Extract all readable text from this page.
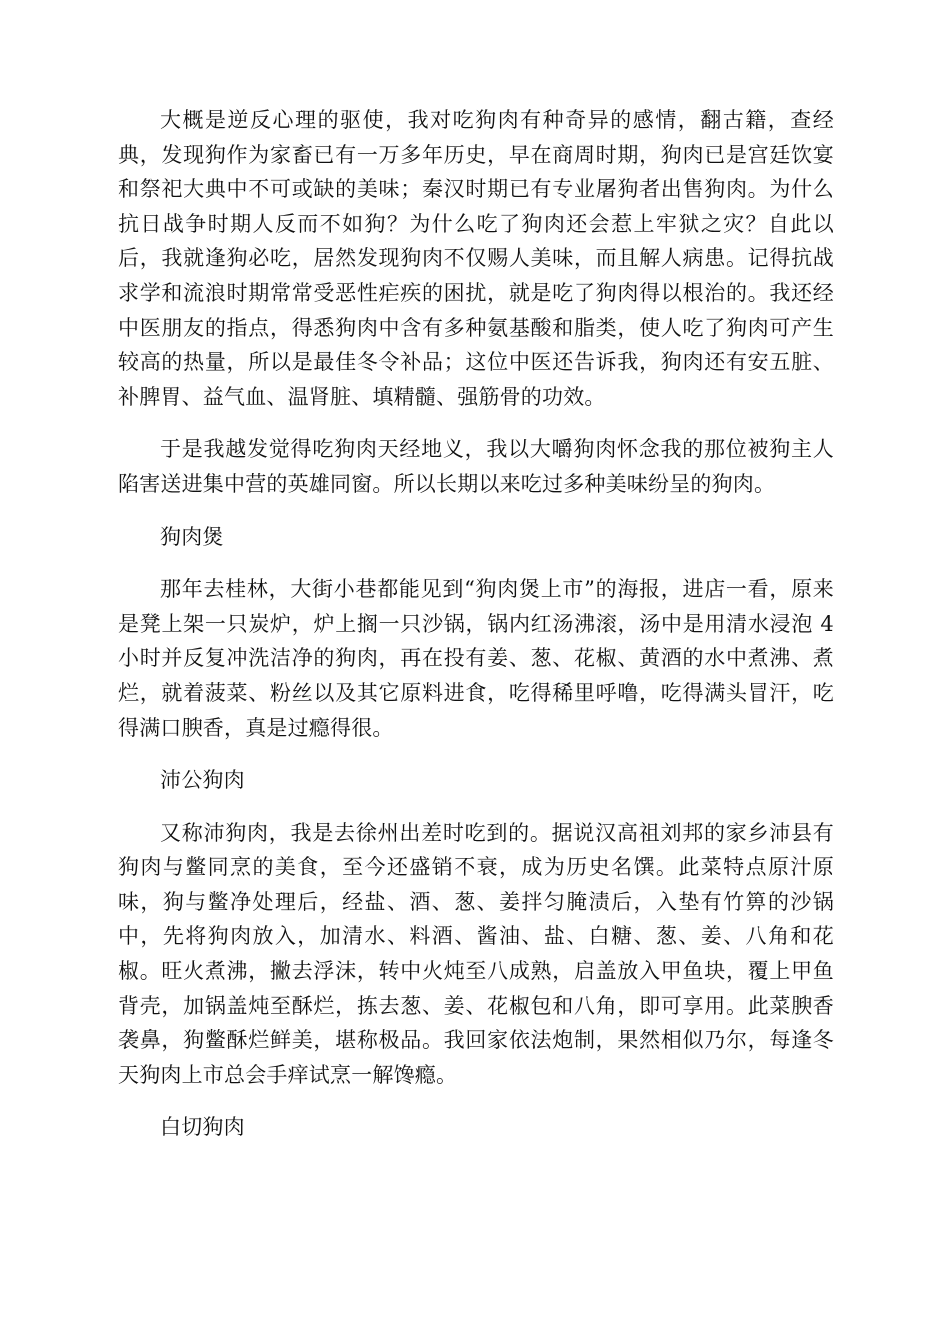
大概是逆反心理的驱使，我对吃狗肉有种奇异的感情，翻古籍，查经典，发现狗作为家畜已有一万多年历史，早在商周时期，狗肉已是宫廷饮宴和祭祀大典中不可或缺的美味；秦汉时期已有专业屠狗者出售狗肉。为什么抗日战争时期人反而不如狗？为什么吃了狗肉还会惹上牢狱之灾？自此以后，我就逢狗必吃，居然发现狗肉不仅赐人美味，而且解人病患。记得抗战求学和流浪时期常常受恶性疟疾的困扰，就是吃了狗肉得以根治的。我还经中医朋友的指点，得悉狗肉中含有多种氨基酸和脂类，使人吃了狗肉可产生较高的热量，所以是最佳冬令补品；这位中医还告诉我，狗肉还有安五脏、补脾胃、益气血、温肾脏、填精髓、强筋骨的功效。

于是我越发觉得吃狗肉天经地义，我以大嚼狗肉怀念我的那位被狗主人陷害送进集中营的英雄同窗。所以长期以来吃过多种美味纷呈的狗肉。

狗肉煲

那年去桂林，大街小巷都能见到“狗肉煲上市”的海报，进店一看，原来是凳上架一只炭炉，炉上搁一只沙锅，锅内红汤沸滚，汤中是用清水浸泡 4 小时并反复冲洗洁净的狗肉，再在投有姜、葱、花椒、黄酒的水中煮沸、煮烂，就着菠菜、粉丝以及其它原料进食，吃得稀里呼噜，吃得满头冒汗，吃得满口腴香，真是过瘾得很。

沛公狗肉

又称沛狗肉，我是去徐州出差时吃到的。据说汉高祖刘邦的家乡沛县有狗肉与鳖同烹的美食，至今还盛销不衰，成为历史名馔。此菜特点原汁原味，狗与鳖净处理后，经盐、酒、葱、姜拌匀腌渍后，入垫有竹箅的沙锅中，先将狗肉放入，加清水、料酒、酱油、盐、白糖、葱、姜、八角和花椒。旺火煮沸，撇去浮沫，转中火炖至八成熟，启盖放入甲鱼块，覆上甲鱼背壳，加锅盖炖至酥烂，拣去葱、姜、花椒包和八角，即可享用。此菜腴香袭鼻，狗鳖酥烂鲜美，堪称极品。我回家依法炮制，果然相似乃尔，每逢冬天狗肉上市总会手痒试烹一解馋瘾。

白切狗肉
